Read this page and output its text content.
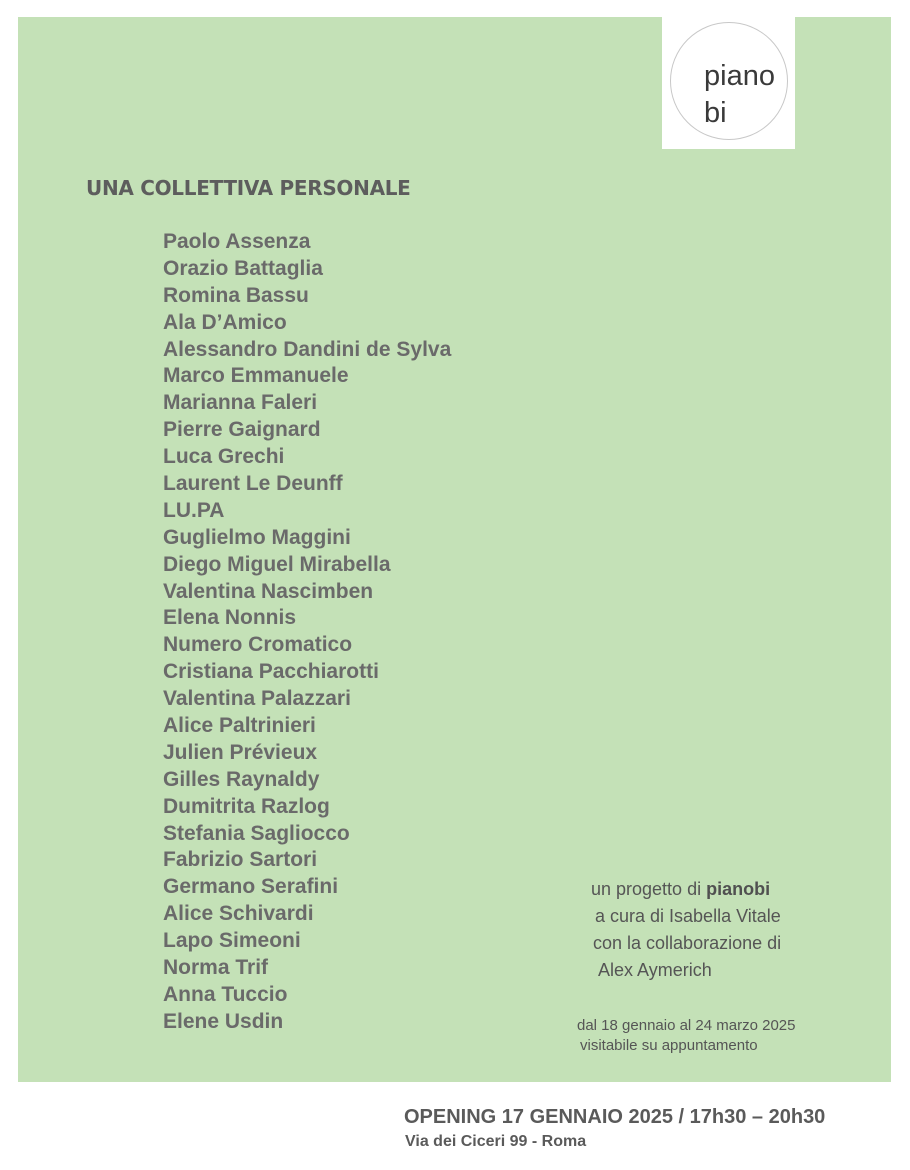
piano
bi
UNA COLLETTIVA PERSONALE
Paolo Assenza
Orazio Battaglia
Romina Bassu
Ala D’Amico
Alessandro Dandini de Sylva
Marco Emmanuele
Marianna Faleri
Pierre Gaignard
Luca Grechi
Laurent Le Deunff
LU.PA
Guglielmo Maggini
Diego Miguel Mirabella
Valentina Nascimben
Elena Nonnis
Numero Cromatico
Cristiana Pacchiarotti
Valentina Palazzari
Alice Paltrinieri
Julien Prévieux
Gilles Raynaldy
Dumitrita Razlog
Stefania Sagliocco
Fabrizio Sartori
Germano Serafini
Alice Schivardi
Lapo Simeoni
Norma Trif
Anna Tuccio
Elene Usdin
un progetto di pianobi
a cura di Isabella Vitale
con la collaborazione di
Alex Aymerich
dal 18 gennaio al 24 marzo 2025
visitabile su appuntamento
OPENING 17 GENNAIO 2025 / 17h30 – 20h30
Via dei Ciceri 99 - Roma
